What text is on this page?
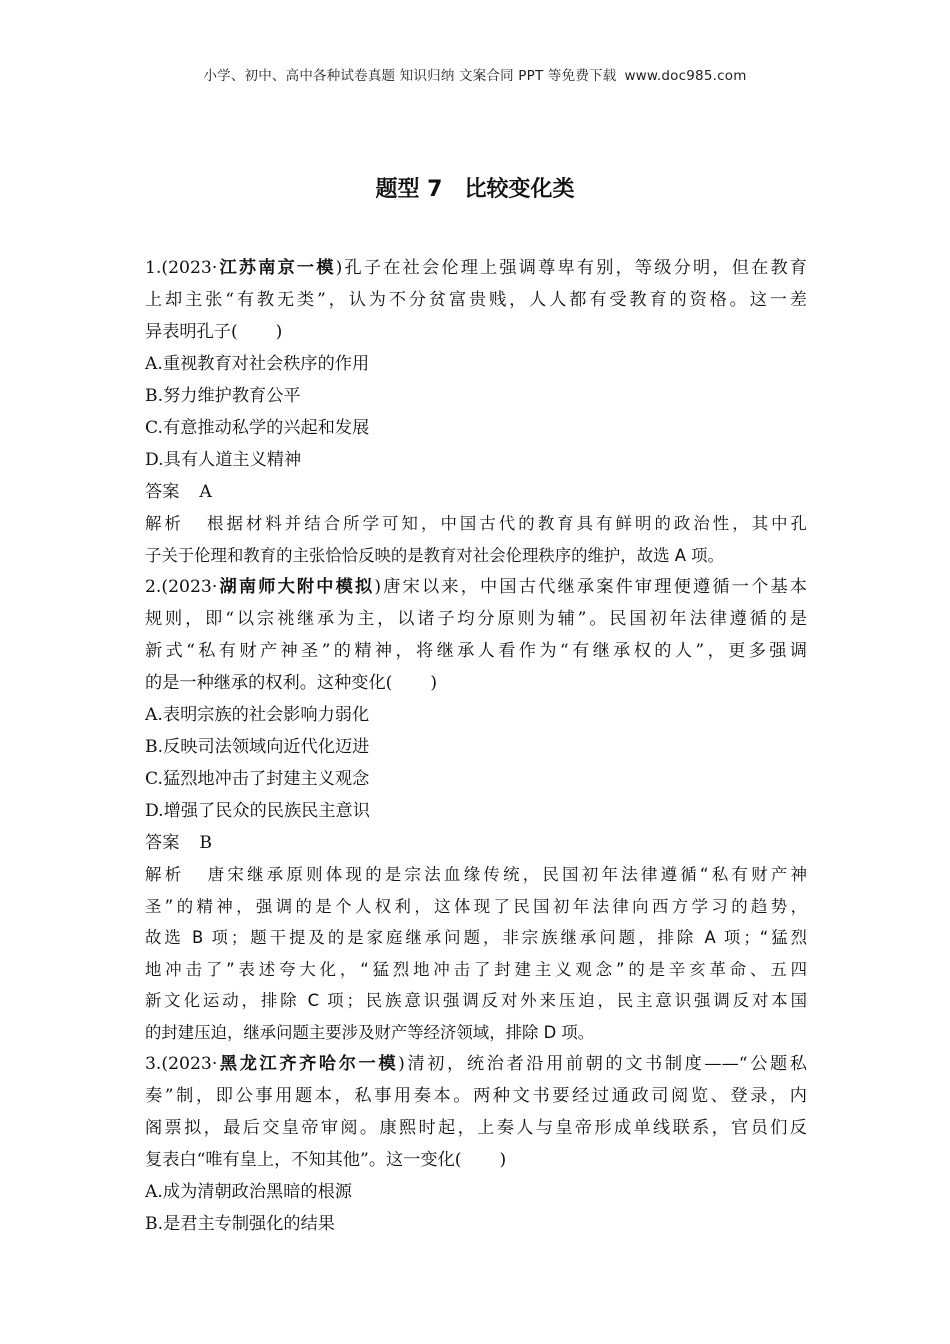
小学、初中、高中各种试卷真题 知识归纳 文案合同 PPT 等免费下载 www.doc985.com
题型 7 比较变化类
1.(2023·江苏南京一模)孔子在社会伦理上强调尊卑有别，等级分明，但在教育
上却主张“有教无类”，认为不分贫富贵贱，人人都有受教育的资格。这一差
异表明孔子( )
A.重视教育对社会秩序的作用
B.努力维护教育公平
C.有意推动私学的兴起和发展
D.具有人道主义精神
答案 A
解析 根据材料并结合所学可知，中国古代的教育具有鲜明的政治性，其中孔
子关于伦理和教育的主张恰恰反映的是教育对社会伦理秩序的维护，故选 A 项。
2.(2023·湖南师大附中模拟)唐宋以来，中国古代继承案件审理便遵循一个基本
规则，即“以宗祧继承为主，以诸子均分原则为辅”。民国初年法律遵循的是
新式“私有财产神圣”的精神，将继承人看作为“有继承权的人”，更多强调
的是一种继承的权利。这种变化( )
A.表明宗族的社会影响力弱化
B.反映司法领域向近代化迈进
C.猛烈地冲击了封建主义观念
D.增强了民众的民族民主意识
答案 B
解析 唐宋继承原则体现的是宗法血缘传统，民国初年法律遵循“私有财产神
圣”的精神，强调的是个人权利，这体现了民国初年法律向西方学习的趋势，
故选 B 项；题干提及的是家庭继承问题，非宗族继承问题，排除 A 项；“猛烈
地冲击了”表述夸大化，“猛烈地冲击了封建主义观念”的是辛亥革命、五四
新文化运动，排除 C 项；民族意识强调反对外来压迫，民主意识强调反对本国
的封建压迫，继承问题主要涉及财产等经济领域，排除 D 项。
3.(2023·黑龙江齐齐哈尔一模)清初，统治者沿用前朝的文书制度——“公题私
奏”制，即公事用题本，私事用奏本。两种文书要经过通政司阅览、登录，内
阁票拟，最后交皇帝审阅。康熙时起，上奏人与皇帝形成单线联系，官员们反
复表白“唯有皇上，不知其他”。这一变化( )
A.成为清朝政治黑暗的根源
B.是君主专制强化的结果
